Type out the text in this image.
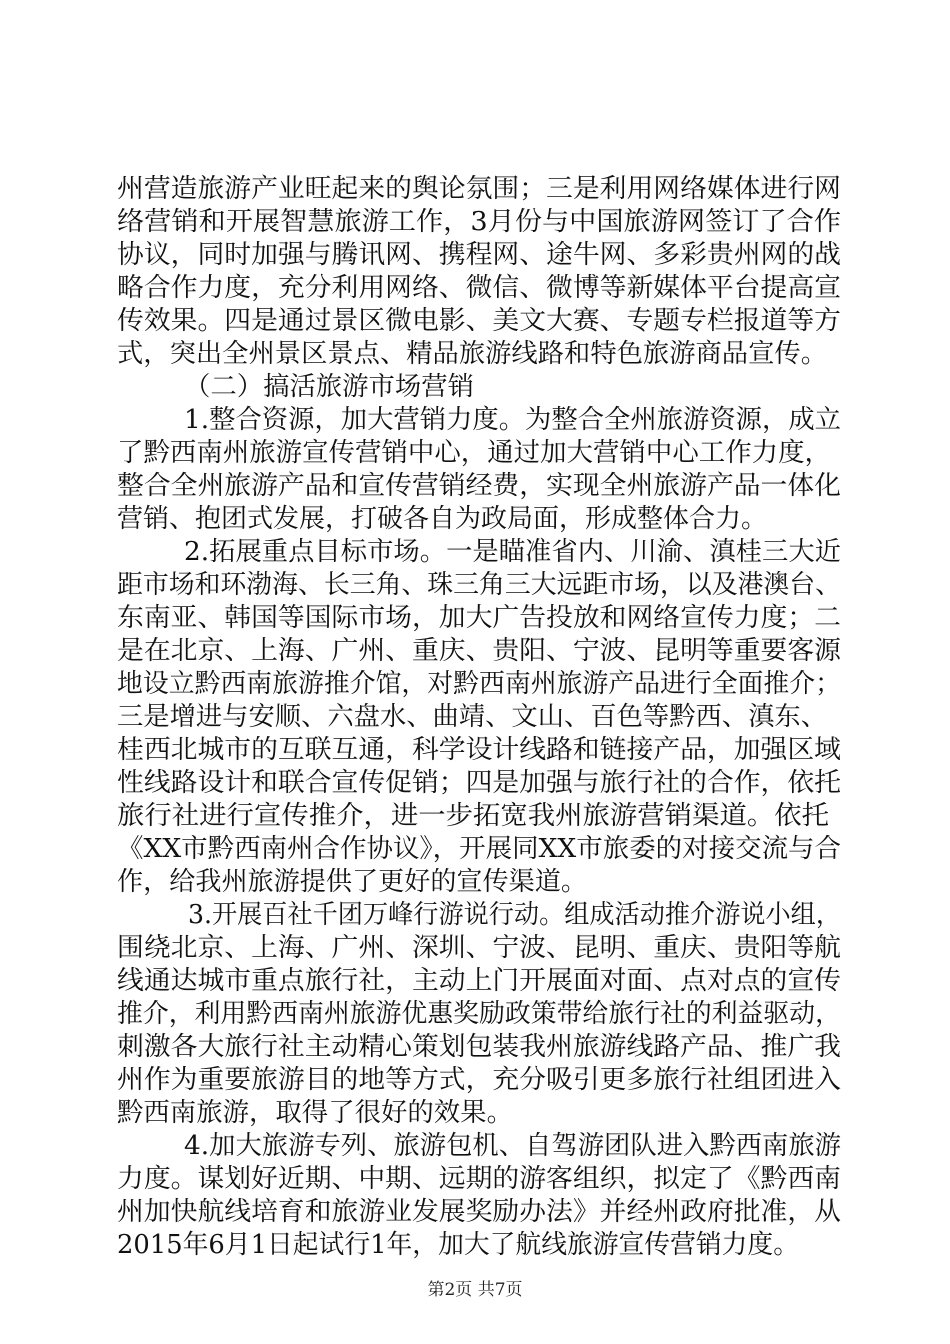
州营造旅游产业旺起来的舆论氛围；三是利用网络媒体进行网

络营销和开展智慧旅游工作，3月份与中国旅游网签订了合作

协议，同时加强与腾讯网、携程网、途牛网、多彩贵州网的战

略合作力度，充分利用网络、微信、微博等新媒体平台提高宣

传效果。四是通过景区微电影、美文大赛、专题专栏报道等方

式，突出全州景区景点、精品旅游线路和特色旅游商品宣传。

（二）搞活旅游市场营销

1.整合资源，加大营销力度。为整合全州旅游资源，成立

了黔西南州旅游宣传营销中心，通过加大营销中心工作力度，

整合全州旅游产品和宣传营销经费，实现全州旅游产品一体化

营销、抱团式发展，打破各自为政局面，形成整体合力。

2.拓展重点目标市场。一是瞄准省内、川渝、滇桂三大近

距市场和环渤海、长三角、珠三角三大远距市场，以及港澳台、

东南亚、韩国等国际市场，加大广告投放和网络宣传力度；二

是在北京、上海、广州、重庆、贵阳、宁波、昆明等重要客源

地设立黔西南旅游推介馆，对黔西南州旅游产品进行全面推介；

三是增进与安顺、六盘水、曲靖、文山、百色等黔西、滇东、

桂西北城市的互联互通，科学设计线路和链接产品，加强区域

性线路设计和联合宣传促销；四是加强与旅行社的合作，依托

旅行社进行宣传推介，进一步拓宽我州旅游营销渠道。依托

《XX市黔西南州合作协议》，开展同XX市旅委的对接交流与合

作，给我州旅游提供了更好的宣传渠道。

3.开展百社千团万峰行游说行动。组成活动推介游说小组，

围绕北京、上海、广州、深圳、宁波、昆明、重庆、贵阳等航

线通达城市重点旅行社，主动上门开展面对面、点对点的宣传

推介，利用黔西南州旅游优惠奖励政策带给旅行社的利益驱动，

刺激各大旅行社主动精心策划包装我州旅游线路产品、推广我

州作为重要旅游目的地等方式，充分吸引更多旅行社组团进入

黔西南旅游，取得了很好的效果。

4.加大旅游专列、旅游包机、自驾游团队进入黔西南旅游

力度。谋划好近期、中期、远期的游客组织，拟定了《黔西南

州加快航线培育和旅游业发展奖励办法》并经州政府批准，从

2015年6月1日起试行1年，加大了航线旅游宣传营销力度。

第2页 共7页
